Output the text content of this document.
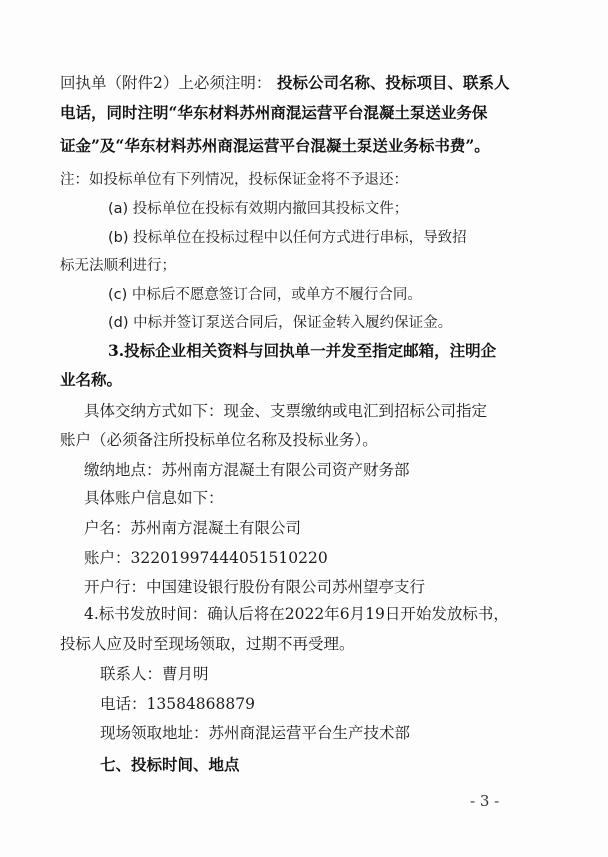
回执单（附件2）上必须注明： 投标公司名称、投标项目、联系人
电话，同时注明“华东材料苏州商混运营平台混凝土泵送业务保
证金”及“华东材料苏州商混运营平台混凝土泵送业务标书费”。
注：如投标单位有下列情况，投标保证金将不予退还：
(a) 投标单位在投标有效期内撤回其投标文件；
(b) 投标单位在投标过程中以任何方式进行串标，导致招
标无法顺利进行；
(c) 中标后不愿意签订合同，或单方不履行合同。
(d) 中标并签订泵送合同后，保证金转入履约保证金。
3.投标企业相关资料与回执单一并发至指定邮箱，注明企
业名称。
具体交纳方式如下：现金、支票缴纳或电汇到招标公司指定
账户（必须备注所投标单位名称及投标业务）。
缴纳地点：苏州南方混凝土有限公司资产财务部
具体账户信息如下：
户名：苏州南方混凝土有限公司
账户：32201997444051510220
开户行：中国建设银行股份有限公司苏州望亭支行
4.标书发放时间：确认后将在2022年6月19日开始发放标书，
投标人应及时至现场领取，过期不再受理。
联系人：曹月明
电话：13584868879
现场领取地址：苏州商混运营平台生产技术部
七、投标时间、地点
- 3 -
